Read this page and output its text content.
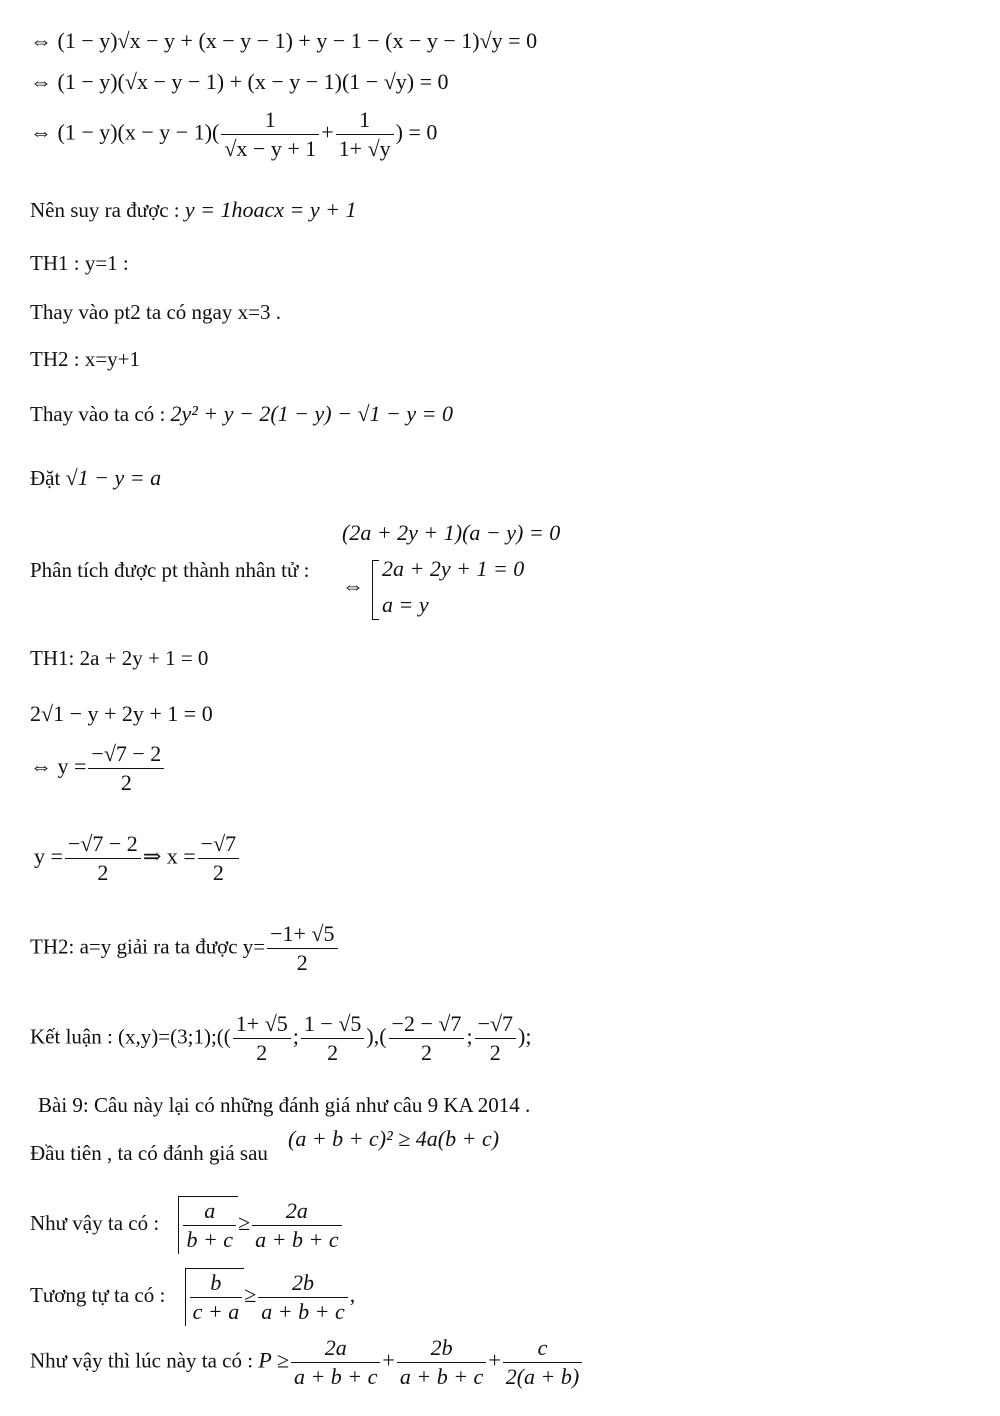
⇔ (1 − y)√x − y + (x − y − 1) + y − 1 − (x − y − 1)√y = 0
⇔ (1 − y)(√x − y − 1) + (x − y − 1)(1 − √y) = 0
⇔ $(1 - y)(x - y - 1)( \frac{1}{√x - y + 1} + \frac{1}{1+ √y}$ ) = 0
Nên suy ra được : y = 1hoacx = y + 1
TH1 : y=1 :
Thay vào pt2 ta có ngay x=3 .
TH2 : x=y+1
Thay vào ta có : 2y² + y − 2(1 − y) − √1 − y = 0
Đặt √1 − y = a
(2a + 2y + 1)(a − y) = 0
Phân tích được pt thành nhân tử :
⇔
2a + 2y + 1 = 0
a = y
TH1: 2a + 2y + 1 = 0
2√1 − y + 2y + 1 = 0
⇔ $y = \frac{-√7 - 2}{2}$
$y = \frac{-√7 - 2}{2}$ ⇒ $x = \frac{-√7}{2}$
TH2: a=y giải ra ta được $y= \frac{-1+ √5}{2}$
Kết luận : (x,y)=(3;1);(( $\frac{1+ √5}{2}$ ; $\frac{1 - √5}{2}$ ),( $\frac{-2 - √7}{2}$ ; $\frac{-√7}{2}$ );
Bài 9: Câu này lại có những đánh giá như câu 9 KA 2014 .
(a + b + c)² ≥ 4a(b + c)
Đầu tiên , ta có đánh giá sau
Như vậy ta có : $\frac{a}{b + c} \ge \frac{2a}{a + b + c}$
Tương tự ta có : $\frac{b}{c + a} \ge \frac{2b}{a + b + c}$ ,
Như vậy thì lúc này ta có : $P \ge \frac{2a}{a + b + c} + \frac{2b}{a + b + c} + \frac{c}{2(a + b)}$
